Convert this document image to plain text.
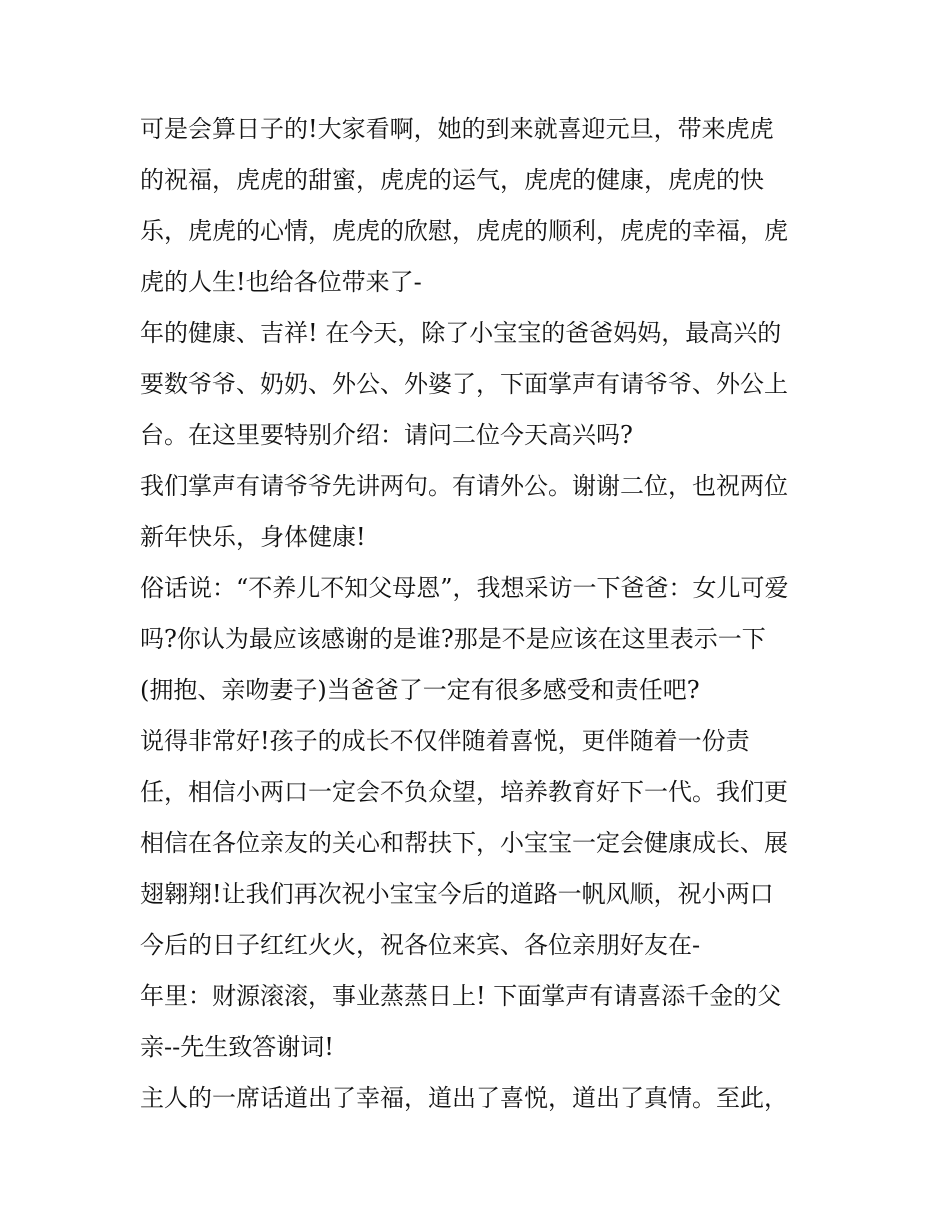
可是会算日子的!大家看啊，她的到来就喜迎元旦，带来虎虎
的祝福，虎虎的甜蜜，虎虎的运气，虎虎的健康，虎虎的快
乐，虎虎的心情，虎虎的欣慰，虎虎的顺利，虎虎的幸福，虎
虎的人生!也给各位带来了-
年的健康、吉祥! 在今天，除了小宝宝的爸爸妈妈，最高兴的
要数爷爷、奶奶、外公、外婆了，下面掌声有请爷爷、外公上
台。在这里要特别介绍：请问二位今天高兴吗?
我们掌声有请爷爷先讲两句。有请外公。谢谢二位，也祝两位
新年快乐，身体健康!
俗话说：“不养儿不知父母恩”，我想采访一下爸爸：女儿可爱
吗?你认为最应该感谢的是谁?那是不是应该在这里表示一下
(拥抱、亲吻妻子)当爸爸了一定有很多感受和责任吧?
说得非常好!孩子的成长不仅伴随着喜悦，更伴随着一份责
任，相信小两口一定会不负众望，培养教育好下一代。我们更
相信在各位亲友的关心和帮扶下，小宝宝一定会健康成长、展
翅翱翔!让我们再次祝小宝宝今后的道路一帆风顺，祝小两口
今后的日子红红火火，祝各位来宾、各位亲朋好友在-
年里：财源滚滚，事业蒸蒸日上! 下面掌声有请喜添千金的父
亲--先生致答谢词!
主人的一席话道出了幸福，道出了喜悦，道出了真情。至此，
